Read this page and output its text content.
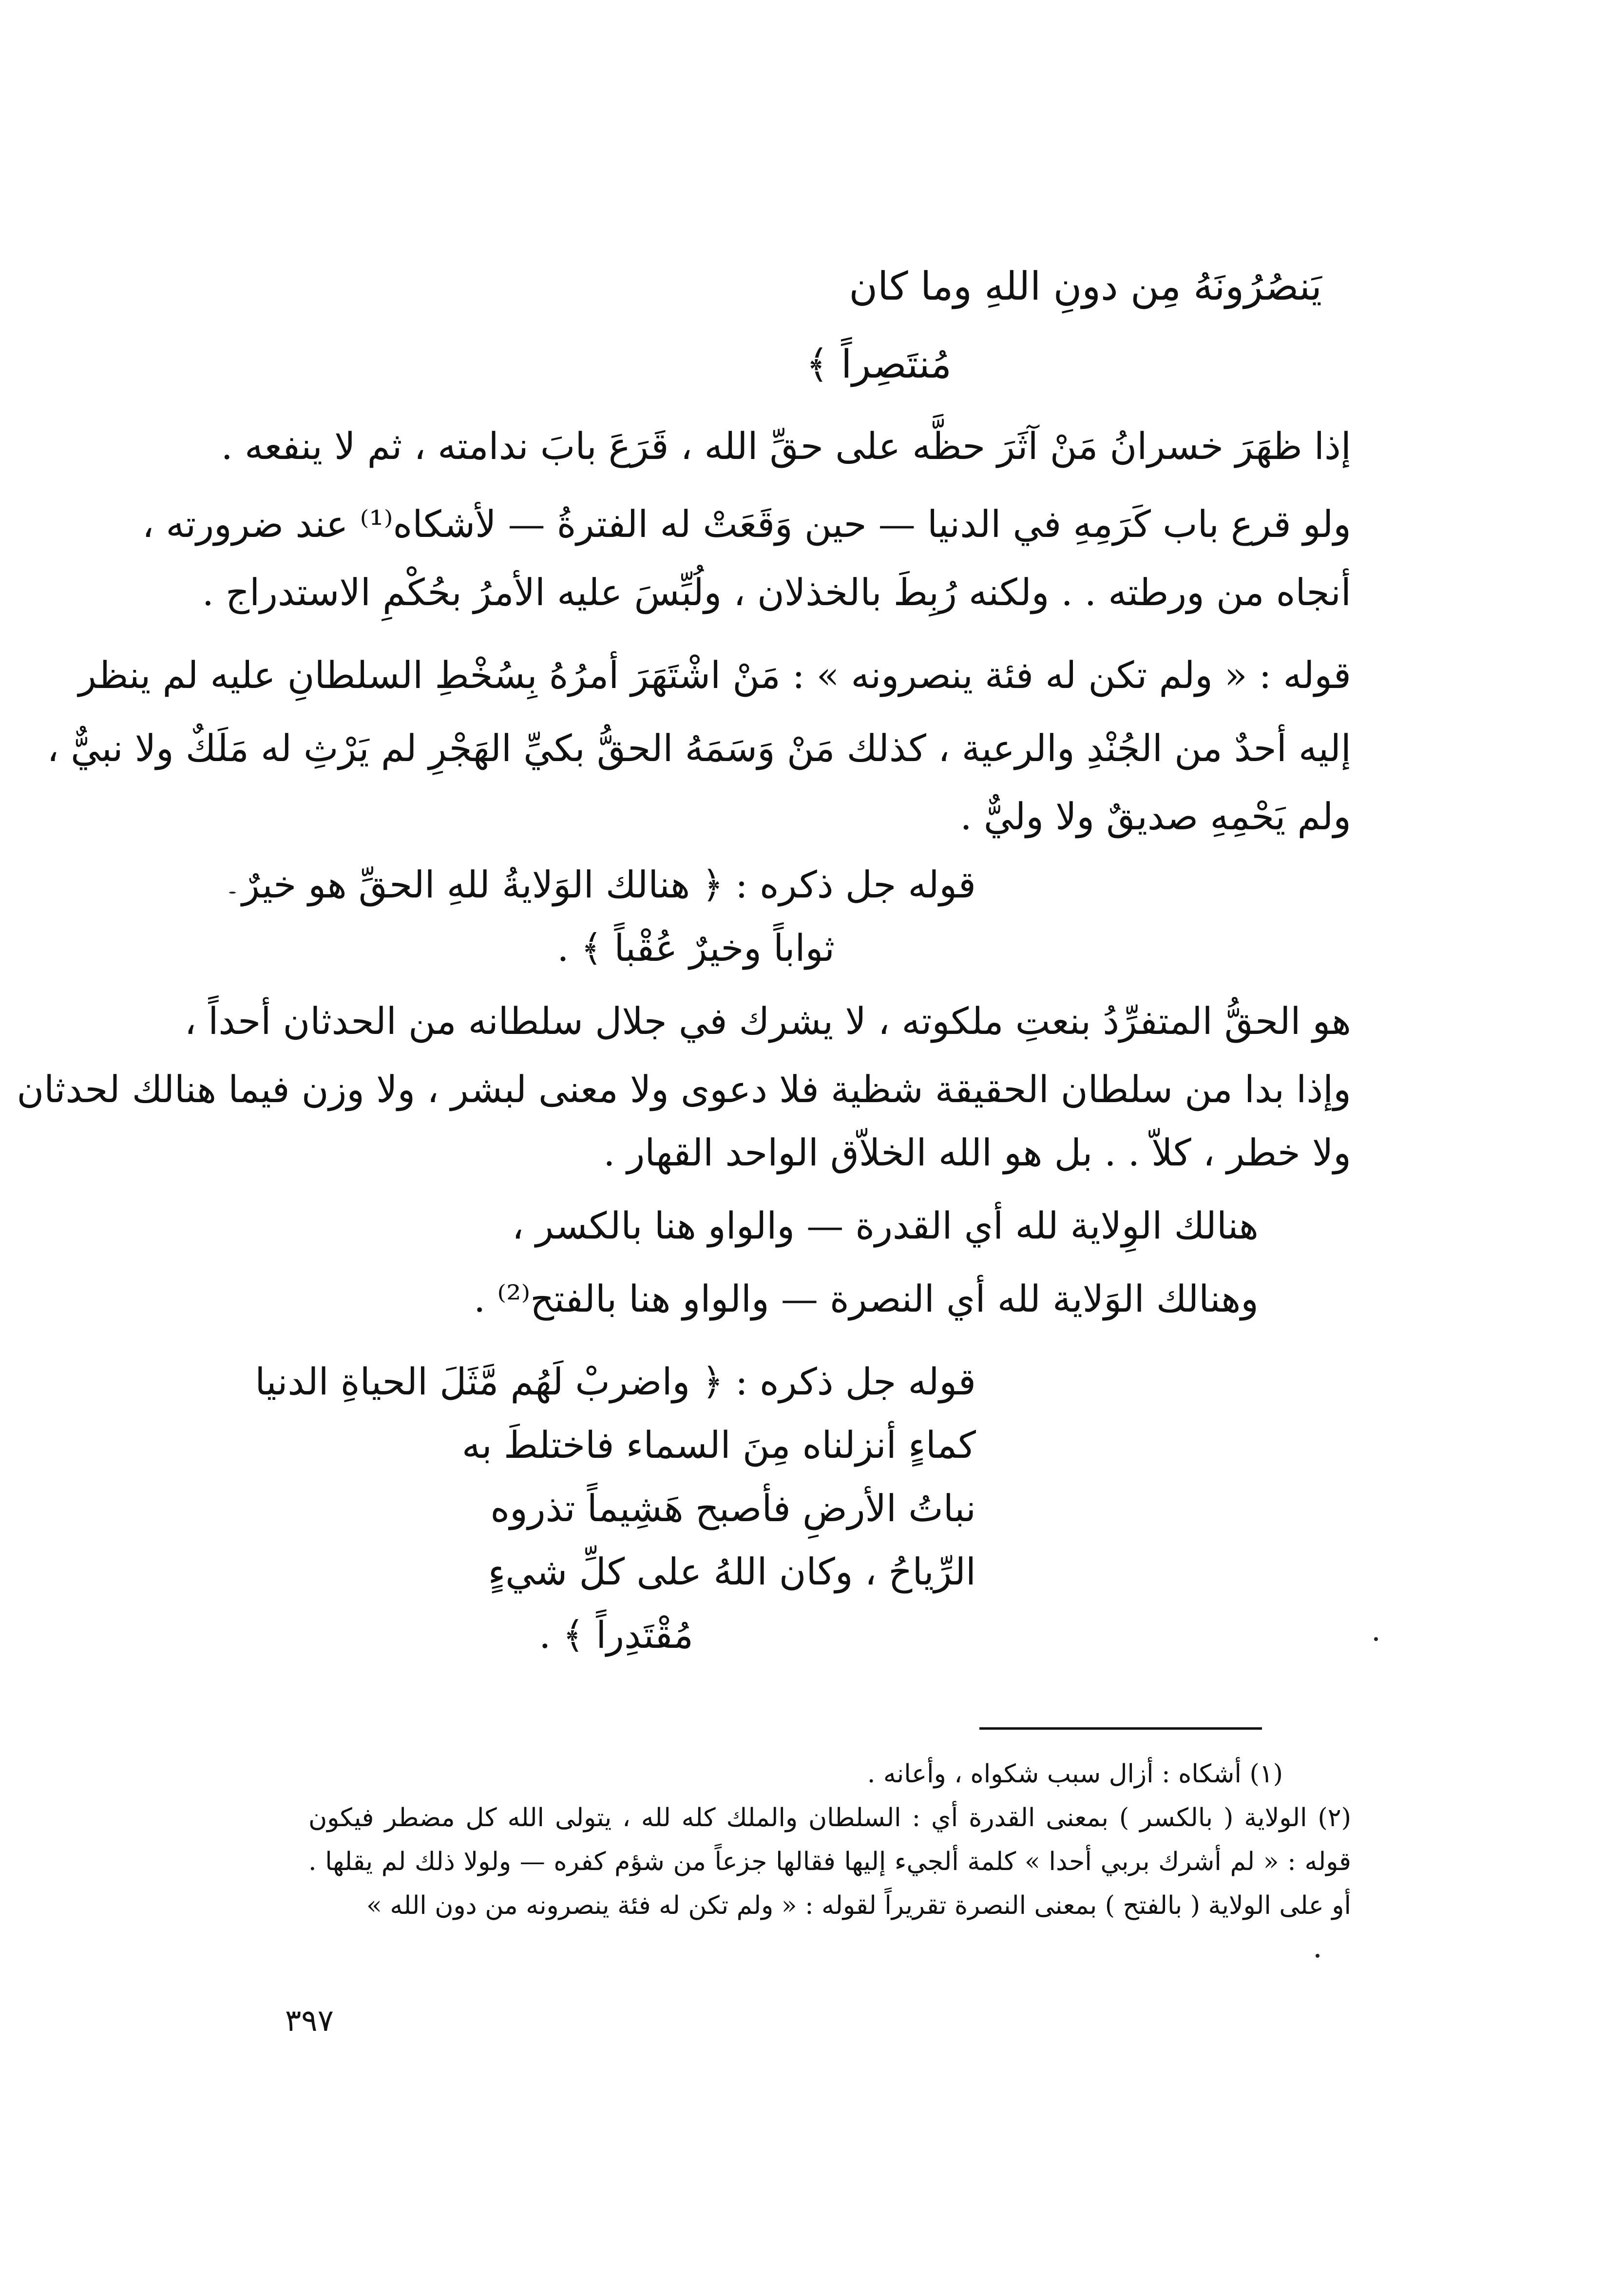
يَنصُرُونَهُ مِن دونِ اللهِ وما كان
مُنتَصِراً ﴾
إذا ظهَرَ خسرانُ مَنْ آثَرَ حظَّه على حقِّ الله ، قَرَعَ بابَ ندامته ، ثم لا ينفعه .
ولو قرع باب كَرَمِهِ في الدنيا — حين وَقَعَتْ له الفترةُ — لأشكاه⁽¹⁾ عند ضرورته ،
أنجاه من ورطته . . ولكنه رُبِطَ بالخذلان ، ولُبِّسَ عليه الأمرُ بحُكْمِ الاستدراج .
قوله : « ولم تكن له فئة ينصرونه » : مَنْ اشْتَهَرَ أمرُهُ بِسُخْطِ السلطانِ عليه لم ينظر
إليه أحدٌ من الجُنْدِ والرعية ، كذلك مَنْ وَسَمَهُ الحقُّ بكيِّ الهَجْرِ لم يَرْثِ له مَلَكٌ ولا نبيٌّ ،
ولم يَحْمِهِ صديقٌ ولا وليٌّ .
قوله جل ذكره : ﴿ هنالك الوَلايةُ للهِ الحقِّ هو خيرٌ
ثواباً وخيرٌ عُقْباً ﴾ .
هو الحقُّ المتفرِّدُ بنعتِ ملكوته ، لا يشرك في جلال سلطانه من الحدثان أحداً ،
وإذا بدا من سلطان الحقيقة شظية فلا دعوى ولا معنى لبشر ، ولا وزن فيما هنالك لحدثان
ولا خطر ، كلاّ . . بل هو الله الخلاّق الواحد القهار .
هنالك الوِلاية لله أي القدرة — والواو هنا بالكسر ،
وهنالك الوَلاية لله أي النصرة — والواو هنا بالفتح⁽²⁾ .
قوله جل ذكره : ﴿ واضربْ لَهُم مَّثَلَ الحياةِ الدنيا
كماءٍ أنزلناه مِنَ السماء فاختلطَ به
نباتُ الأرضِ فأصبح هَشِيماً تذروه
الرِّياحُ ، وكان اللهُ على كلِّ شيءٍ
مُقْتَدِراً ﴾ .
(١) أشكاه : أزال سبب شكواه ، وأعانه .
(٢) الولاية ( بالكسر ) بمعنى القدرة أي : السلطان والملك كله لله ، يتولى الله كل مضطر فيكون
قوله : « لم أشرك بربي أحدا » كلمة ألجيء إليها فقالها جزعاً من شؤم كفره — ولولا ذلك لم يقلها .
أو على الولاية ( بالفتح ) بمعنى النصرة تقريراً لقوله : « ولم تكن له فئة ينصرونه من دون الله »
٣٩٧
